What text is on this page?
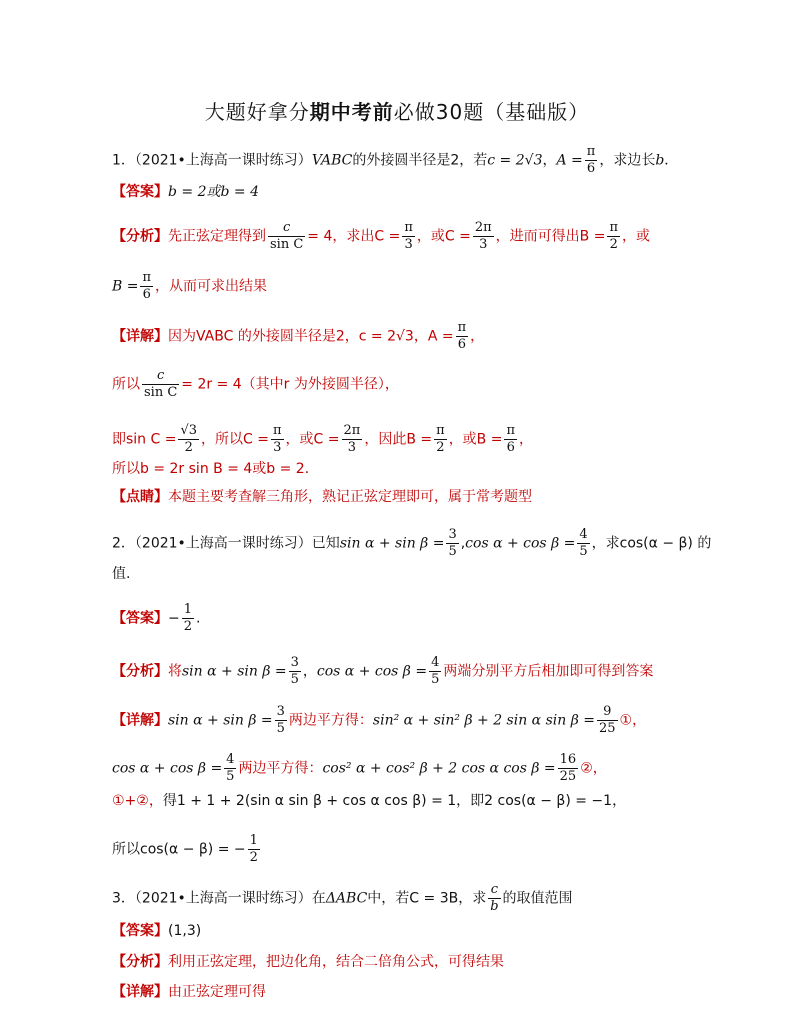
大题好拿分期中考前必做30题（基础版）
1．（2021•上海高一课时练习）VABC的外接圆半径是2，若c = 2√3，$A = \frac{\pi}{6}$ ，求边长b．
【答案】b = 2或b = 4
【分析】先正弦定理得到 $\frac{c}{\text{sin C}} = 4$，求出$C = \frac{\pi}{3}$ ，或$C = \frac{2\pi}{3}$ ，进而可得出$B = \frac{\pi}{2}$ ，或
$B = \frac{\pi}{6}$ ，从而可求出结果
【详解】因为VABC 的外接圆半径是2，c = 2√3，$A = \frac{\pi}{6}$ ，
所以 $\frac{c}{\text{sin C}} = 2r = 4$（其中r 为外接圆半径），
即$\sin C = \frac{√3}{2}$ ，所以$C = \frac{\pi}{3}$ ，或$C = \frac{2\pi}{3}$ ，因此$B = \frac{\pi}{2}$ ，或$B = \frac{\pi}{6}$ ，
所以b = 2r sin B = 4或b = 2．
【点睛】本题主要考查解三角形，熟记正弦定理即可，属于常考题型
2．（2021•上海高一课时练习）已知$\sin \alpha + \sin \beta = \frac{3}{5} ,\cos$ $\alpha + \cos \beta = \frac{4}{5}$ ，求cos(α − β) 的
值.
【答案】− $\frac{1}{2}$ .
【分析】将$\sin \alpha + \sin \beta = \frac{3}{5}$ ，$\cos \alpha + \cos \beta = \frac{4}{5}$ 两端分别平方后相加即可得到答案
【详解】$\sin \alpha + \sin \beta = \frac{3}{5}$ 两边平方得：sin² α + sin² β + 2 sin α $\sin \beta = \frac{9}{25}$ ①，
$\cos \alpha + \cos \beta = \frac{4}{5}$ 两边平方得：cos² α + cos² β + 2 cos α $\cos \beta = \frac{16}{25}$ ②，
①+②，得1 + 1 + 2(sin α sin β + cos α cos β) = 1，即2 cos(α − β) = −1，
所以cos(α − β) = − $\frac{1}{2}$
3．（2021•上海高一课时练习）在ΔABC中，若C = 3B，求 $\frac{c}{b}$ 的取值范围
【答案】(1,3)
【分析】利用正弦定理，把边化角，结合二倍角公式，可得结果
【详解】由正弦定理可得
